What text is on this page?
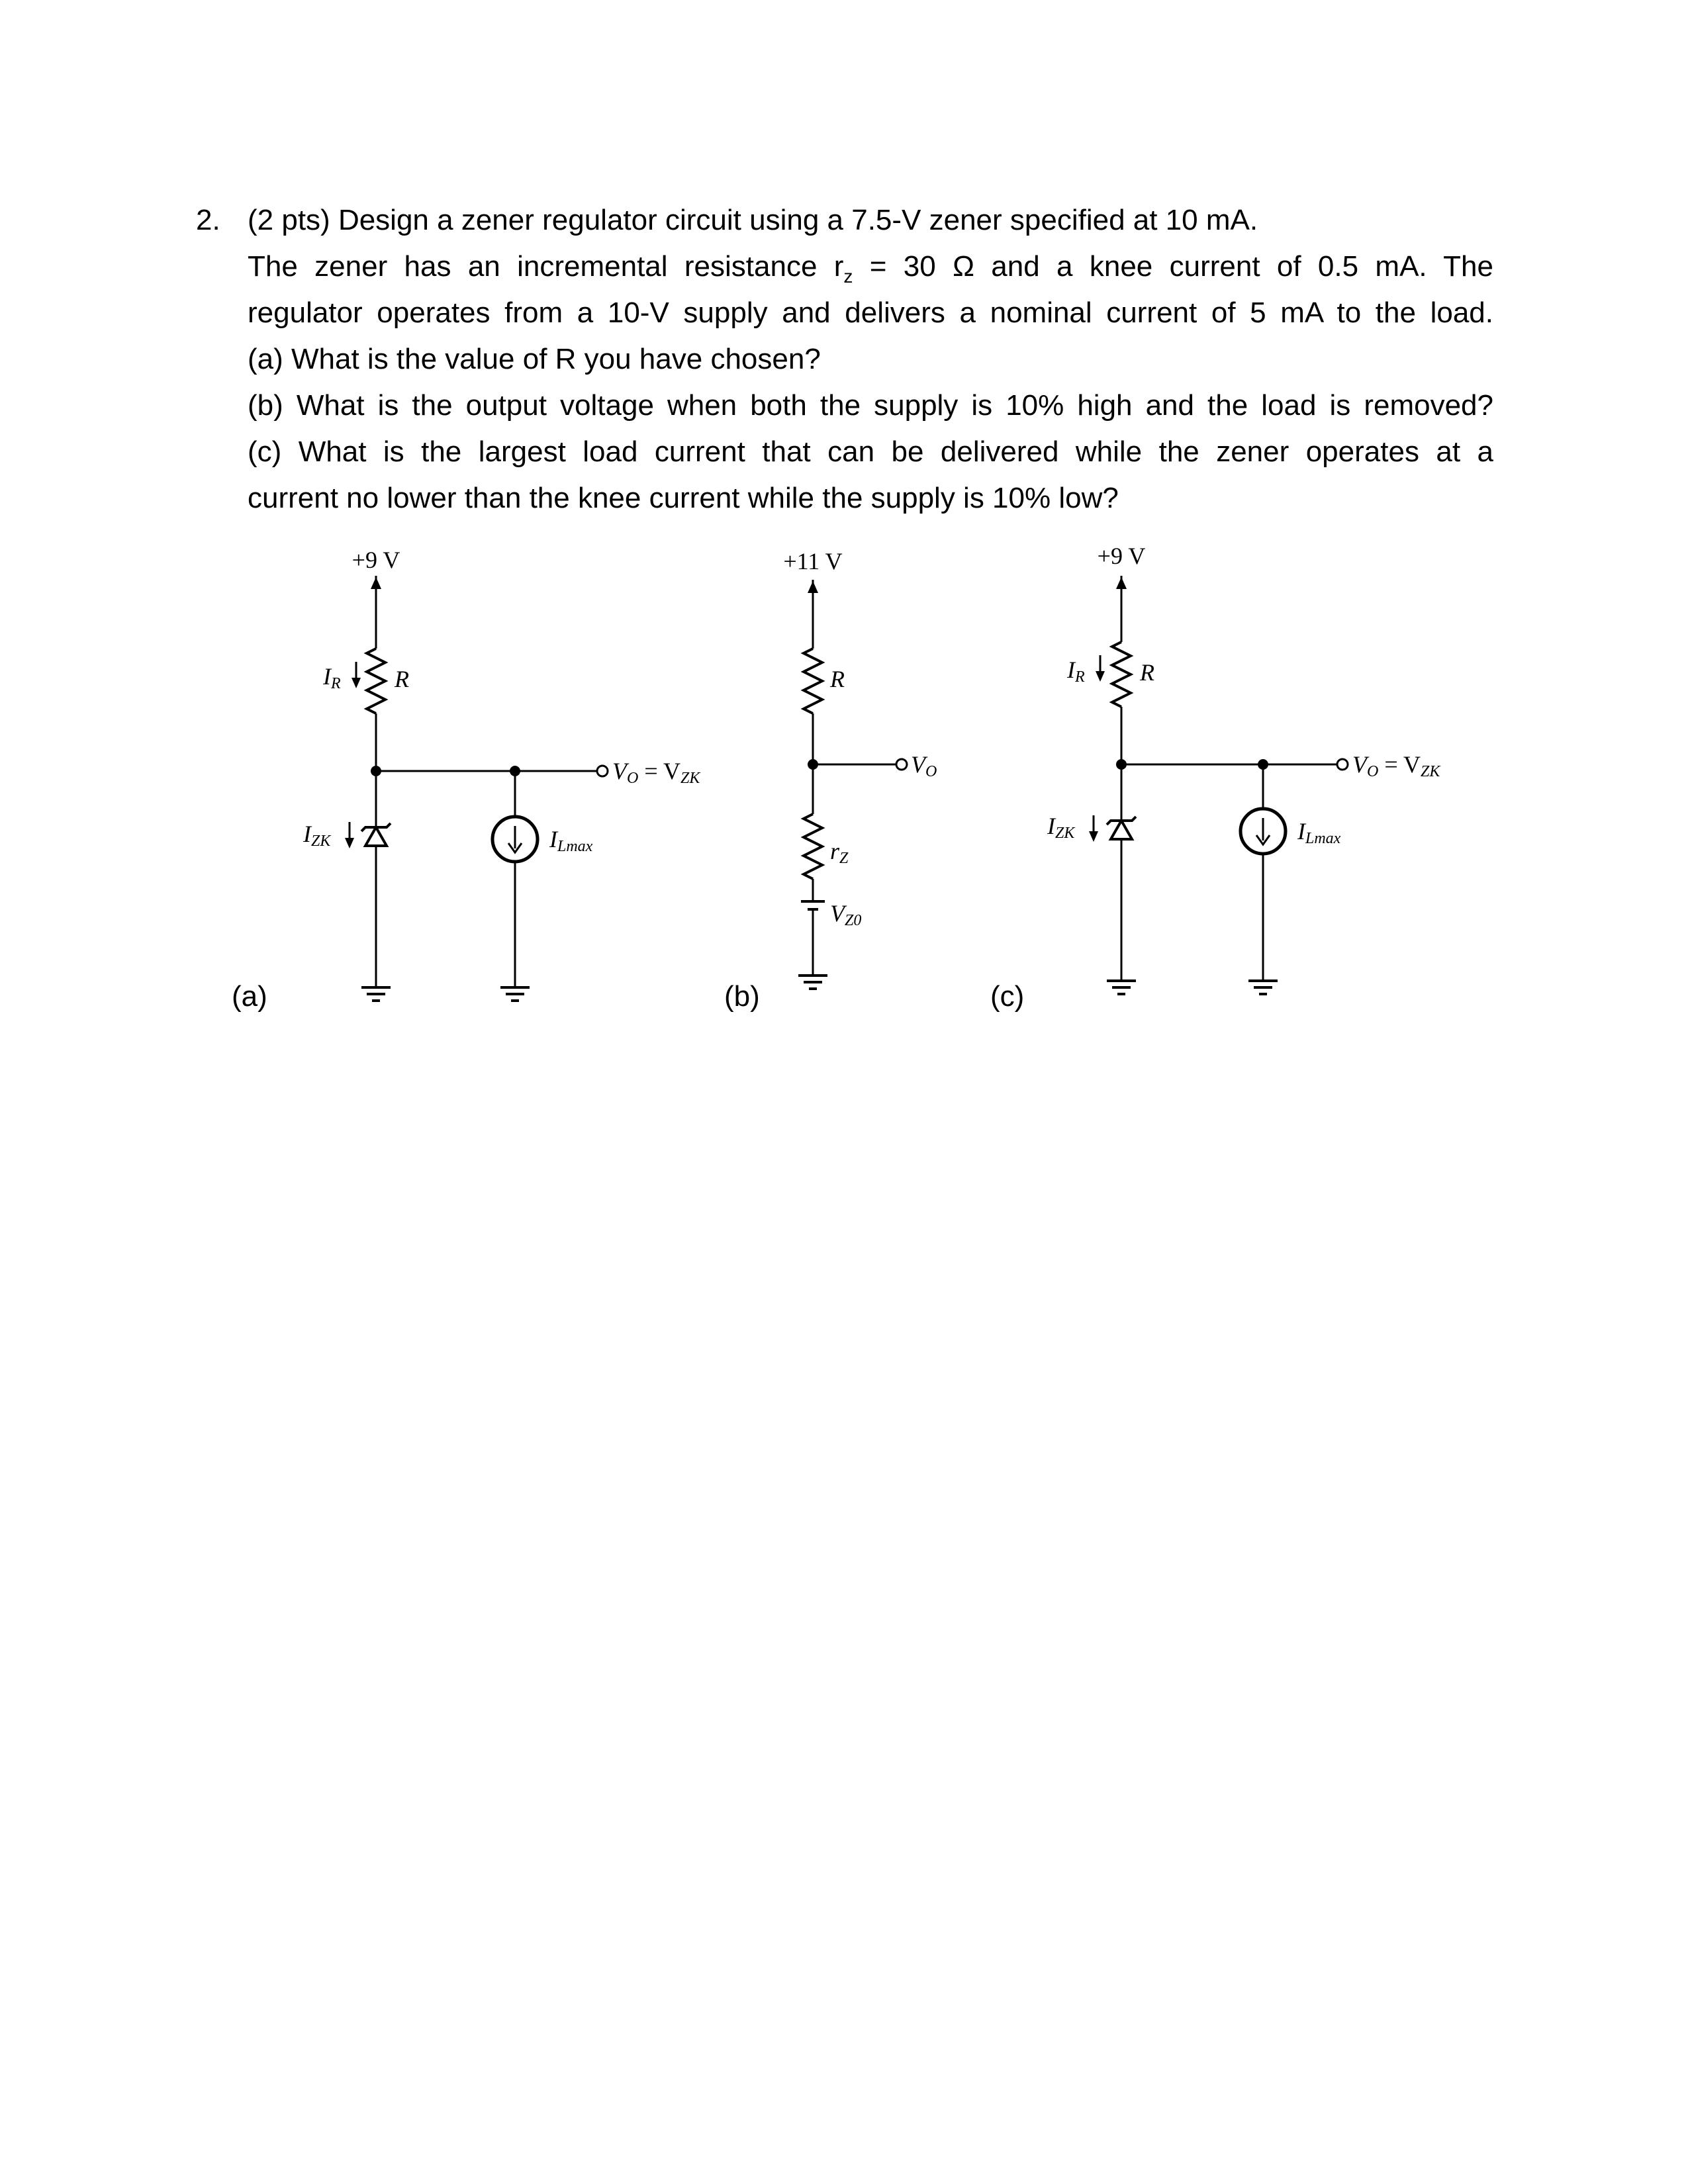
2. (2 pts) Design a zener regulator circuit using a 7.5-V zener specified at 10 mA.
The zener has an incremental resistance $r_z = 30$ Ω and a knee current of 0.5 mA. The
regulator operates from a 10-V supply and delivers a nominal current of 5 mA to the load.
(a) What is the value of R you have chosen?
(b) What is the output voltage when both the supply is 10% high and the load is removed?
(c) What is the largest load current that can be delivered while the zener operates at a
current no lower than the knee current while the supply is 10% low?
+9 V
R
IR
VO = VZK
IZK	ILmax
(a)
+11 V
R
VO
rZ
VZ0
(b)
+9 V
R
IR
VO = VZK
IZK	ILmax
(c)
